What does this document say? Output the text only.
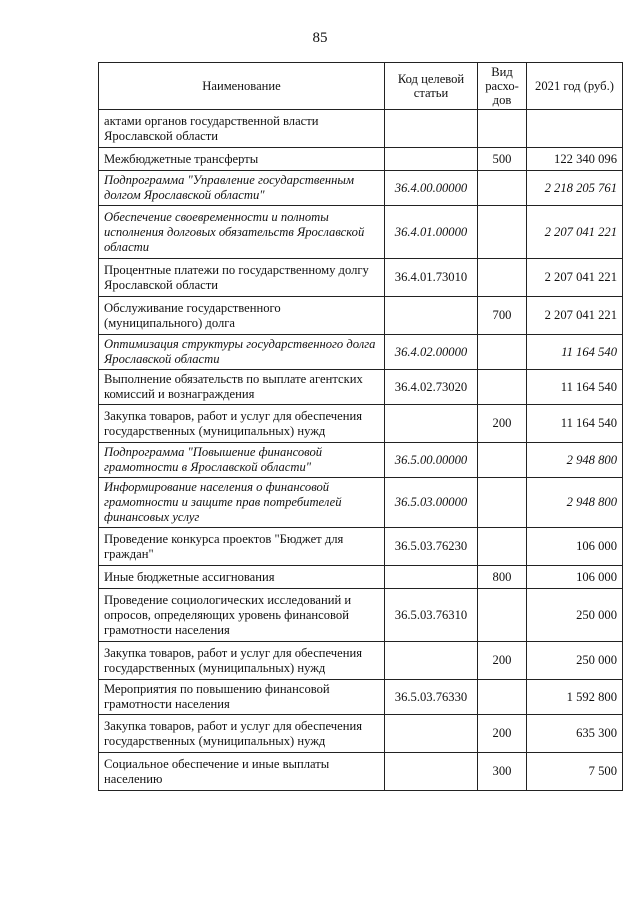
85
Наименование	Код целевой статьи	Вид расхо- дов	2021 год (руб.)
актами органов государственной власти Ярославской области			
Межбюджетные трансферты		500	122 340 096
Подпрограмма "Управление государственным долгом Ярославской области"	36.4.00.00000		2 218 205 761
Обеспечение своевременности и полноты исполнения долговых обязательств Ярославской области	36.4.01.00000		2 207 041 221
Процентные платежи по государственному долгу Ярославской области	36.4.01.73010		2 207 041 221
Обслуживание государственного (муниципального) долга		700	2 207 041 221
Оптимизация структуры государственного долга Ярославской области	36.4.02.00000		11 164 540
Выполнение обязательств по выплате агентских комиссий и вознаграждения	36.4.02.73020		11 164 540
Закупка товаров, работ и услуг для обеспечения государственных (муниципальных) нужд		200	11 164 540
Подпрограмма "Повышение финансовой грамотности в Ярославской области"	36.5.00.00000		2 948 800
Информирование населения о финансовой грамотности и защите прав потребителей финансовых услуг	36.5.03.00000		2 948 800
Проведение конкурса проектов "Бюджет для граждан"	36.5.03.76230		106 000
Иные бюджетные ассигнования		800	106 000
Проведение социологических исследований и опросов, определяющих уровень финансовой грамотности населения	36.5.03.76310		250 000
Закупка товаров, работ и услуг для обеспечения государственных (муниципальных) нужд		200	250 000
Мероприятия по повышению финансовой грамотности населения	36.5.03.76330		1 592 800
Закупка товаров, работ и услуг для обеспечения государственных (муниципальных) нужд		200	635 300
Социальное обеспечение и иные выплаты населению		300	7 500
